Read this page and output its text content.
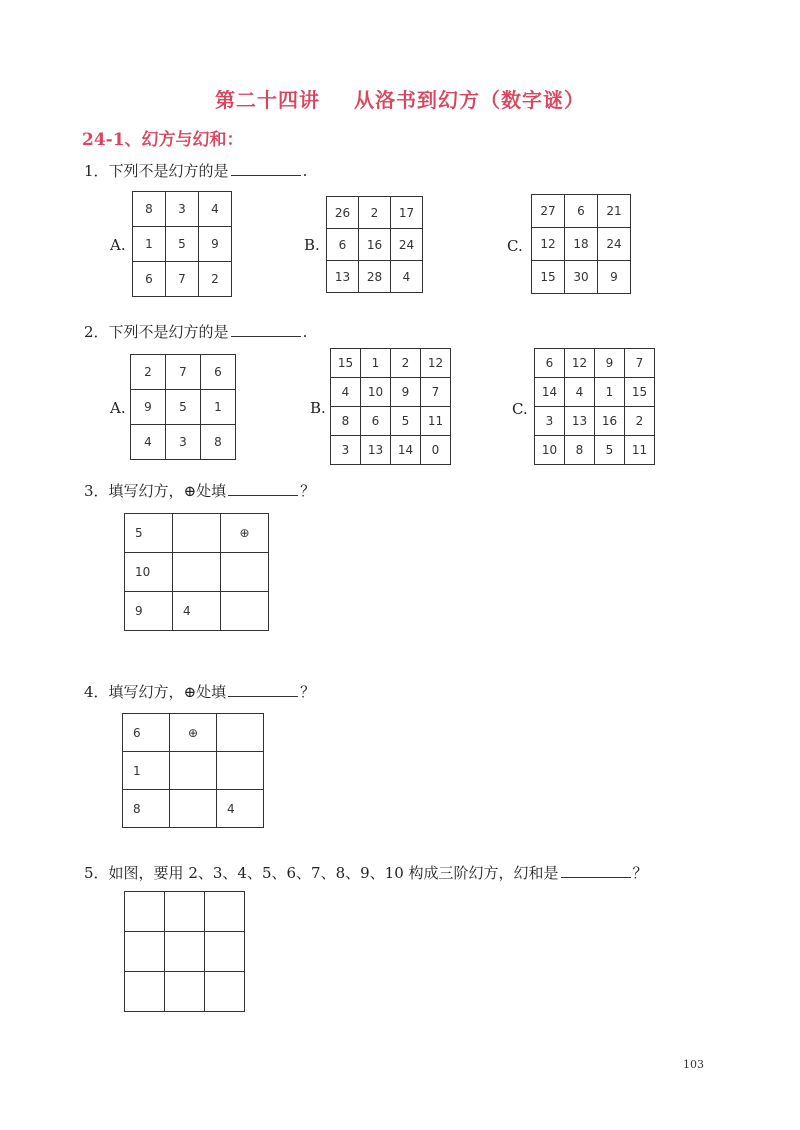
第二十四讲 从洛书到幻方（数字谜）
24-1、幻方与幻和：
1．下列不是幻方的是	.
A.
8	3	4
1	5	9
6	7	2
B.
26	2	17
6	16	24
13	28	4
C.
27	6	21
12	18	24
15	30	9
2．下列不是幻方的是	.
A.
2	7	6
9	5	1
4	3	8
B.
15	1	2	12
4	10	9	7
8	6	5	11
3	13	14	0
C.
6	12	9	7
14	4	1	15
3	13	16	2
10	8	5	11
3．填写幻方，⊕处填	？
5		⊕
10		
9	4	
4．填写幻方，⊕处填	？
6	⊕	
1		
8		4
5．如图，要用 2、3、4、5、6、7、8、9、10 构成三阶幻方，幻和是	？

103
